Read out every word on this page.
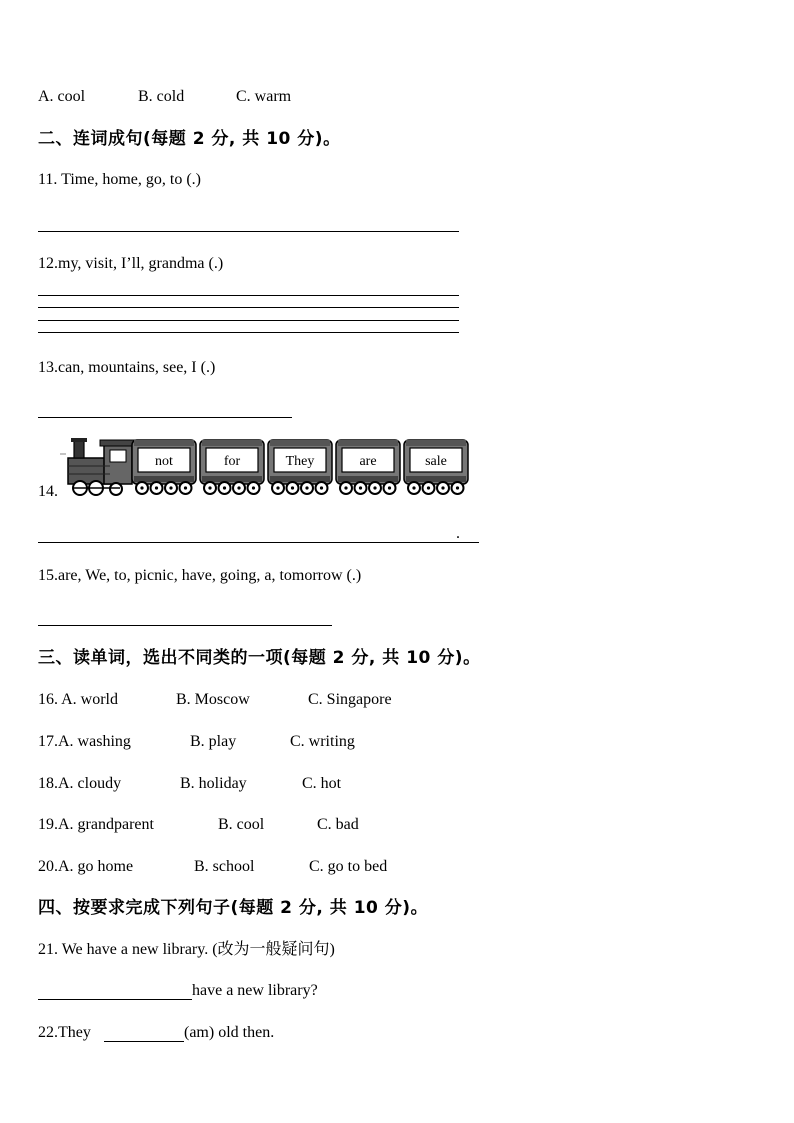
A. cool	B. cold	C. warm
二、连词成句(每题 2 分, 共 10 分)。
11. Time, home, go, to (.)
12.my, visit, I’ll, grandma (.)
13.can, mountains, see, I (.)
14.
not	for	They	are	sale
.
15.are, We, to, picnic, have, going, a, tomorrow (.)
三、读单词，选出不同类的一项(每题 2 分, 共 10 分)。
16. A. world	B. Moscow	C. Singapore
17.A. washing	B. play	C. writing
18.A. cloudy	B. holiday	C. hot
19.A. grandparent	B. cool	C. bad
20.A. go home	B. school	C. go to bed
四、按要求完成下列句子(每题 2 分, 共 10 分)。
21. We have a new library. (改为一般疑问句)
have a new library?
22.They	(am) old then.
